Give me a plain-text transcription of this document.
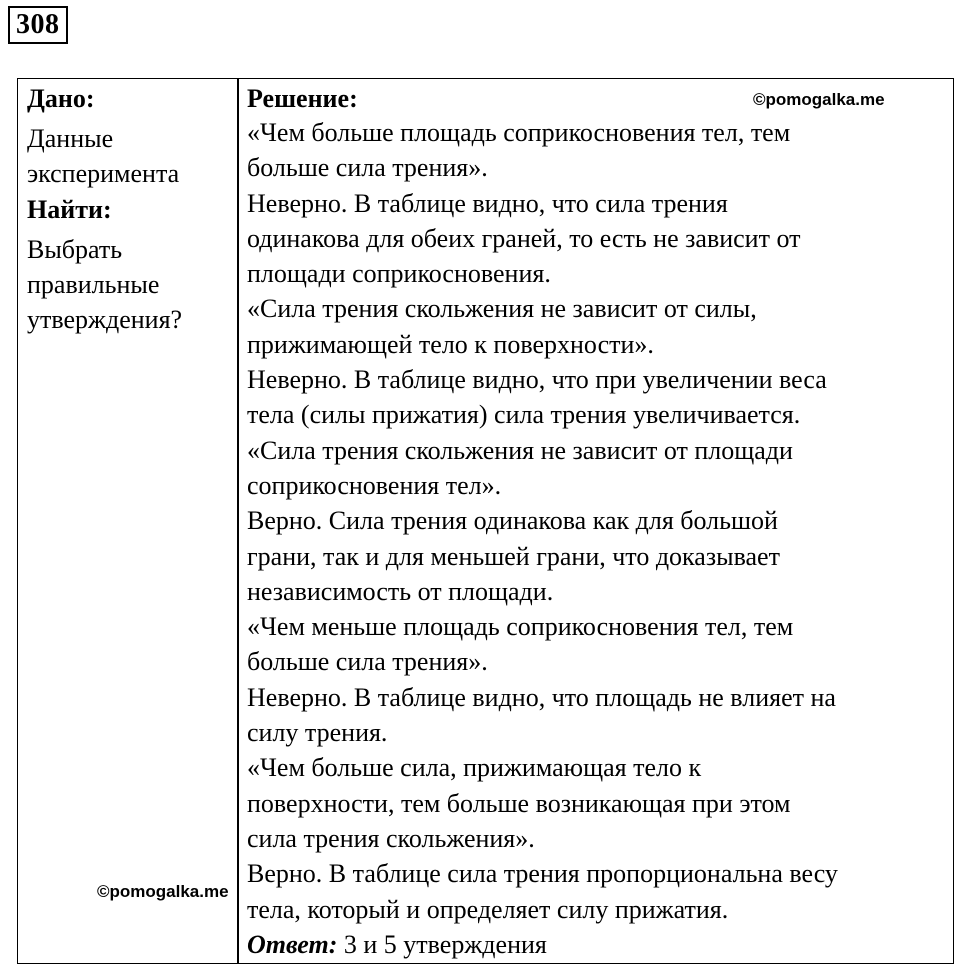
308
Дано:
Данные
эксперимента
Найти:
Выбрать
правильные
утверждения?
Решение:
«Чем больше площадь соприкосновения тел, тем
больше сила трения».
Неверно. В таблице видно, что сила трения
одинакова для обеих граней, то есть не зависит от
площади соприкосновения.
«Сила трения скольжения не зависит от силы,
прижимающей тело к поверхности».
Неверно. В таблице видно, что при увеличении веса
тела (силы прижатия) сила трения увеличивается.
«Сила трения скольжения не зависит от площади
соприкосновения тел».
Верно. Сила трения одинакова как для большой
грани, так и для меньшей грани, что доказывает
независимость от площади.
«Чем меньше площадь соприкосновения тел, тем
больше сила трения».
Неверно. В таблице видно, что площадь не влияет на
силу трения.
«Чем больше сила, прижимающая тело к
поверхности, тем больше возникающая при этом
сила трения скольжения».
Верно. В таблице сила трения пропорциональна весу
тела, который и определяет силу прижатия.
Ответ: 3 и 5 утверждения
©pomogalka.me
©pomogalka.me
